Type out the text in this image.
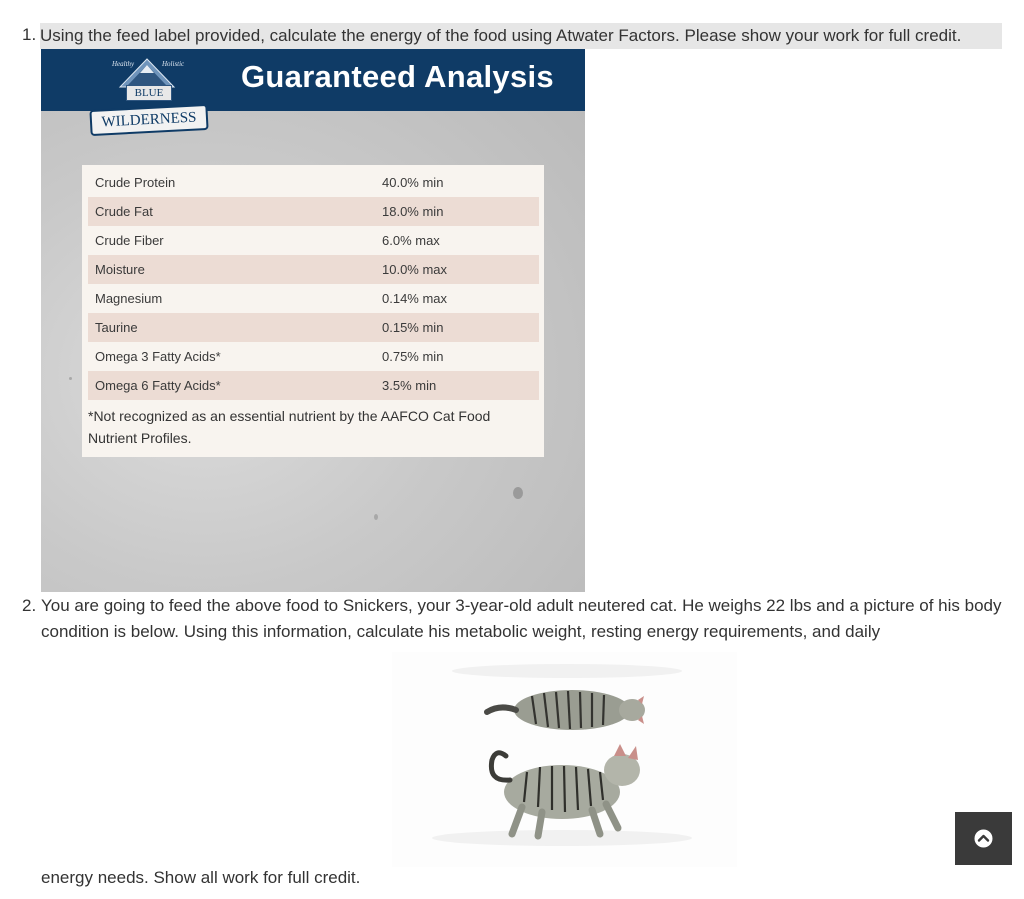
1. Using the feed label provided, calculate the energy of the food using Atwater Factors. Please show your work for full credit.
Guaranteed Analysis
Healthy	Holistic
BLUE
WILDERNESS
Crude Protein	40.0% min
Crude Fat	18.0% min
Crude Fiber	6.0% max
Moisture	10.0% max
Magnesium	0.14% max
Taurine	0.15% min
Omega 3 Fatty Acids*	0.75% min
Omega 6 Fatty Acids*	3.5% min
*Not recognized as an essential nutrient by the AAFCO Cat Food Nutrient Profiles.
2. You are going to feed the above food to Snickers, your 3-year-old adult neutered cat. He weighs 22 lbs and a picture of his body condition is below. Using this information, calculate his metabolic weight, resting energy requirements, and daily
energy needs. Show all work for full credit.
